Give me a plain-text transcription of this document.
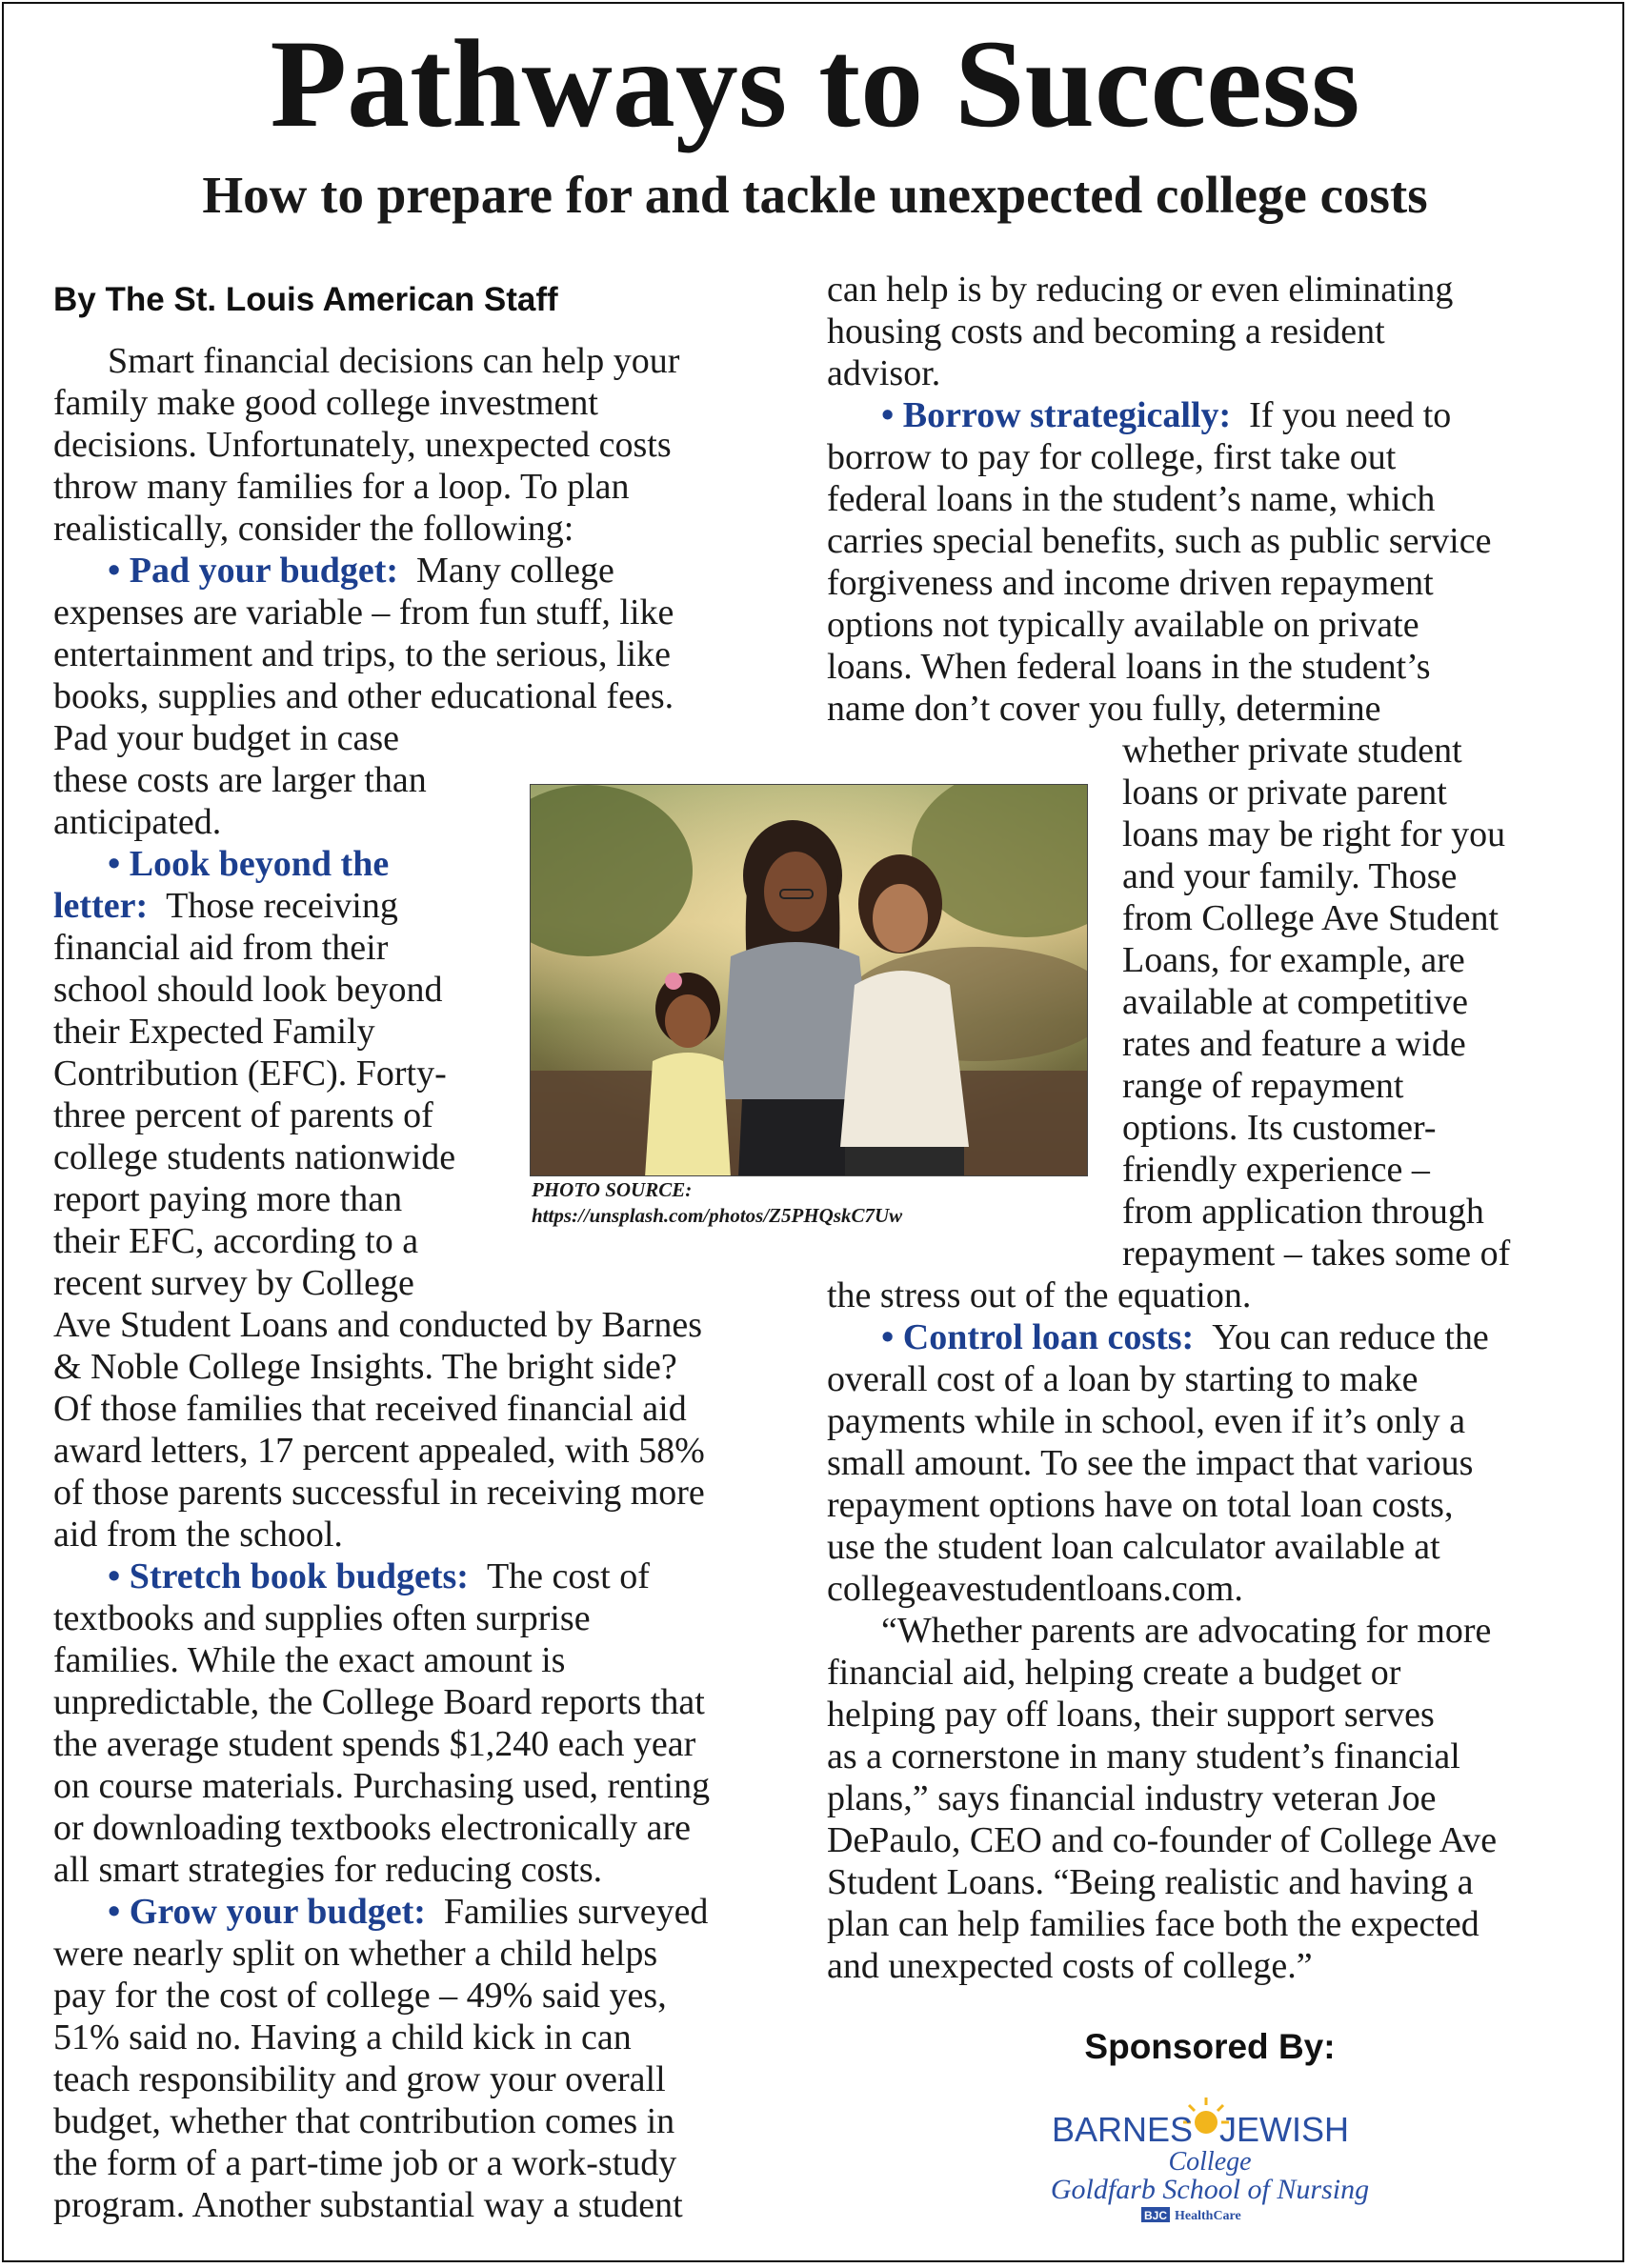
Pathways to Success
How to prepare for and tackle unexpected college costs
By The St. Louis American Staff
Smart financial decisions can help your
family make good college investment
decisions. Unfortunately, unexpected costs
throw many families for a loop. To plan
realistically, consider the following:
• Pad your budget:  Many college
expenses are variable – from fun stuff, like
entertainment and trips, to the serious, like
books, supplies and other educational fees.
Pad your budget in case
these costs are larger than
anticipated.
• Look beyond the
letter:  Those receiving
financial aid from their
school should look beyond
their Expected Family
Contribution (EFC). Forty-
three percent of parents of
college students nationwide
report paying more than
their EFC, according to a
recent survey by College
Ave Student Loans and conducted by Barnes
& Noble College Insights. The bright side?
Of those families that received financial aid
award letters, 17 percent appealed, with 58%
of those parents successful in receiving more
aid from the school.
• Stretch book budgets:  The cost of
textbooks and supplies often surprise
families. While the exact amount is
unpredictable, the College Board reports that
the average student spends $1,240 each year
on course materials. Purchasing used, renting
or downloading textbooks electronically are
all smart strategies for reducing costs.
• Grow your budget:  Families surveyed
were nearly split on whether a child helps
pay for the cost of college – 49% said yes,
51% said no. Having a child kick in can
teach responsibility and grow your overall
budget, whether that contribution comes in
the form of a part-time job or a work-study
program. Another substantial way a student
can help is by reducing or even eliminating
housing costs and becoming a resident
advisor.
• Borrow strategically:  If you need to
borrow to pay for college, first take out
federal loans in the student’s name, which
carries special benefits, such as public service
forgiveness and income driven repayment
options not typically available on private
loans. When federal loans in the student’s
name don’t cover you fully, determine
whether private student
loans or private parent
loans may be right for you
and your family. Those
from College Ave Student
Loans, for example, are
available at competitive
rates and feature a wide
range of repayment
options. Its customer-
friendly experience –
from application through
repayment – takes some of
the stress out of the equation.
• Control loan costs:  You can reduce the
overall cost of a loan by starting to make
payments while in school, even if it’s only a
small amount. To see the impact that various
repayment options have on total loan costs,
use the student loan calculator available at
collegeavestudentloans.com.
“Whether parents are advocating for more
financial aid, helping create a budget or
helping pay off loans, their support serves
as a cornerstone in many student’s financial
plans,” says financial industry veteran Joe
DePaulo, CEO and co-founder of College Ave
Student Loans. “Being realistic and having a
plan can help families face both the expected
and unexpected costs of college.”
PHOTO SOURCE:
https://unsplash.com/photos/Z5PHQskC7Uw
Sponsored By:
BARNES JEWISH
College
Goldfarb School of Nursing
BJC HealthCare
